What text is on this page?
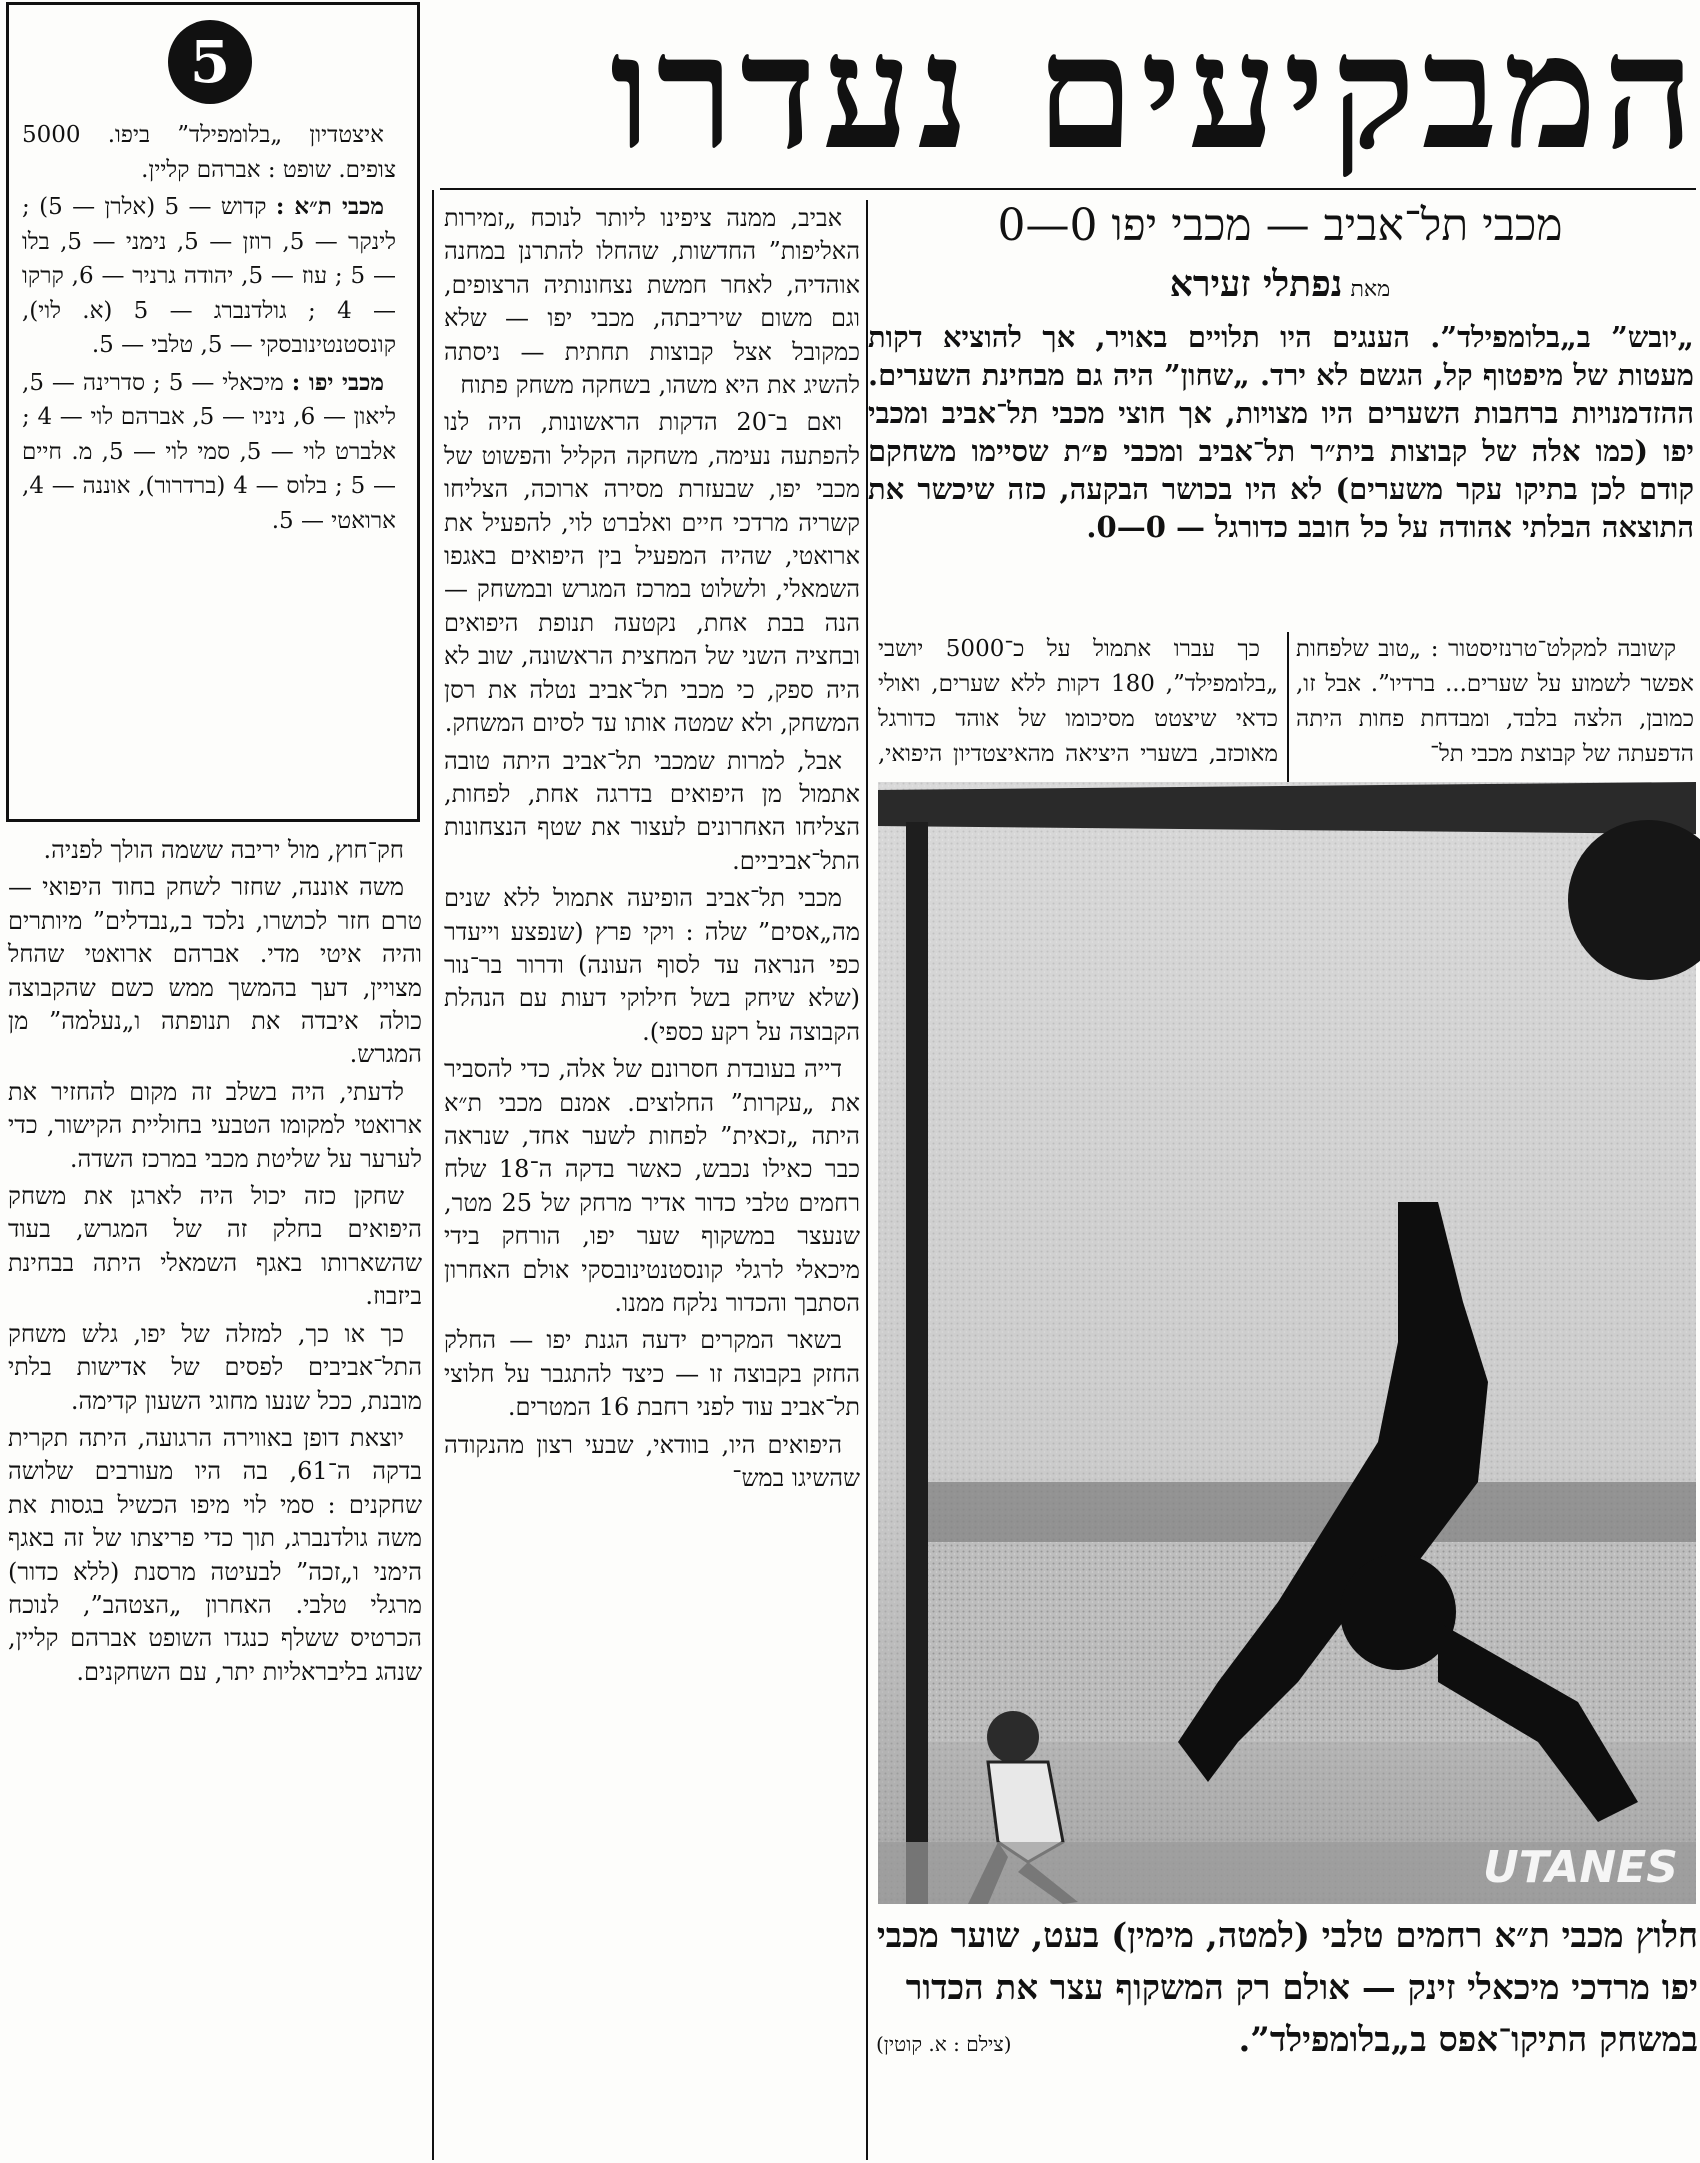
המבקיעים נעדרו
מכבי תל־אביב — מכבי יפו 0—0
מאתנפתלי זעירא

„יובש” ב„בלומפילד”. הענגים היו תלויים באויר, אך להוציא דקות מעטות של מיפטוף קל, הגשם לא ירד. „שחון” היה גם מבחינת השערים. ההזדמנויות ברחבות השערים היו מצויות, אך חוצי מכבי תל־אביב ומכבי יפו (כמו אלה של קבוצות בית״ר תל־אביב ומכבי פ״ת שסיימו משחקם קודם לכן בתיקו עקר משערים) לא היו בכושר הבקעה, כזה שיכשר את התוצאה הבלתי אהודה על כל חובב כדורגל — 0—0.

5

איצטדיון „בלומפילד” ביפו. 5000 צופים. שופט : אברהם קליין.

מכבי ת״א : קדוש — 5 (אלרן — 5) ; לינקר — 5, רוזן — 5, נימני — 5, בלו — 5 ; עוז — 5, יהודה גרניר — 6, קרקו — 4 ; גולדנברג — 5 (א. לוי), קונסטנטינובסקי — 5, טלבי — 5.

מכבי יפו : מיכאלי — 5 ; סדרינה — 5, ליאון — 6, ניניו — 5, אברהם לוי — 4 ; אלברט לוי — 5, סמי לוי — 5, מ. חיים — 5 ; בלוס — 4 (ברדרור), אוננה — 4, ארואטי — 5.

כך עברו אתמול על כ־5000 יושבי „בלומפילד”, 180 דקות ללא שערים, ואולי כדאי שיצטט מסיכומו של אוהד כדורגל מאוכזב, בשערי היציאה מהאיצטדיון היפואי,

קשובה למקלט־טרנזיסטור : „טוב שלפחות אפשר לשמוע על שערים... ברדיו”. אבל זו, כמובן, הלצה בלבד, ומבדחת פחות היתה הדפעתה של קבוצת מכבי תל־

אביב, ממנה ציפינו ליותר לנוכח „זמירות האליפות” החדשות, שהחלו להתרנן במחנה אוהדיה, לאחר חמשת נצחונותיה הרצופים, וגם משום שיריבתה, מכבי יפו — שלא כמקובל אצל קבוצות תחתית — ניסתה להשיג את היא משהו, בשחקה משחק פתוח

ואם ב־20 הדקות הראשונות, היה לנו להפתעה נעימה, משחקה הקליל והפשוט של מכבי יפו, שבעזרת מסירה ארוכה, הצליחו קשריה מרדכי חיים ואלברט לוי, להפעיל את ארואטי, שהיה המפעיל בין היפואים באגפו השמאלי, ולשלוט במרכז המגרש ובמשחק — הנה בבת אחת, נקטעה תנופת היפואים ובחציה השני של המחצית הראשונה, שוב לא היה ספק, כי מכבי תל־אביב נטלה את רסן המשחק, ולא שמטה אותו עד לסיום המשחק.

אבל, למרות שמכבי תל־אביב היתה טובה אתמול מן היפואים בדרגה אחת, לפחות, הצליחו האחרונים לעצור את שטף הנצחונות התל־אביביים.

מכבי תל־אביב הופיעה אתמול ללא שנים מה„אסים” שלה : ויקי פרץ (שנפצע וייעדר כפי הנראה עד לסוף העונה) ודרור בר־נור (שלא שיחק בשל חילוקי דעות עם הנהלת הקבוצה על רקע כספי).

דייה בעובדת חסרונם של אלה, כדי להסביר את „עקרות” החלוצים. אמנם מכבי ת״א היתה „זכאית” לפחות לשער אחד, שנראה כבר כאילו נכבש, כאשר בדקה ה־18 שלח רחמים טלבי כדור אדיר מרחק של 25 מטר, שנעצר במשקוף שער יפו, הורחק בידי מיכאלי לרגלי קונסטנטינובסקי אולם האחרון הסתבך והכדור נלקח ממנו.

בשאר המקרים ידעה הגנת יפו — החלק החזק בקבוצה זו — כיצד להתגבר על חלוצי תל־אביב עוד לפני רחבת 16 המטרים.

היפואים היו, בוודאי, שבעי רצון מהנקודה שהשיגו במש־

חק־חוץ, מול יריבה ששמה הולך לפניה.

משה אוננה, שחזר לשחק בחוד היפואי — טרם חזר לכושרו, נלכד ב„נבדלים” מיותרים והיה איטי מדי. אברהם ארואטי שהחל מצויין, דעך בהמשך ממש כשם שהקבוצה כולה איבדה את תנופתה ו„נעלמה” מן המגרש.

לדעתי, היה בשלב זה מקום להחזיר את ארואטי למקומו הטבעי בחוליית הקישור, כדי לערער על שליטת מכבי במרכז השדה.

שחקן כזה יכול היה לארגן את משחק היפואים בחלק זה של המגרש, בעוד שהשארותו באגף השמאלי היתה בבחינת ביזבוז.

כך או כך, למזלה של יפו, גלש משחק התל־אביבים לפסים של אדישות בלתי מובנת, ככל שנעו מחוגי השעון קדימה.

יוצאת דופן באווירה הרגועה, היתה תקרית בדקה ה־61, בה היו מעורבים שלושה שחקנים : סמי לוי מיפו הכשיל בגסות את משה גולדנברג, תוך כדי פריצתו של זה באגף הימני ו„זכה” לבעיטה מרסנת (ללא כדור) מרגלי טלבי. האחרון „הצטהב”, לנוכח הכרטיס ששלף כנגדו השופט אברהם קליין, שנהג בליבראליות יתר, עם השחקנים.

UTANES
חלוץ מכבי ת״א רחמים טלבי (למטה, מימין) בעט, שוער מכבי יפו מרדכי מיכאלי זינק — אולם רק המשקוף עצר את הכדור במשחק התיקו־אפס ב„בלומפילד”.
(צילם : א. קוטין)
